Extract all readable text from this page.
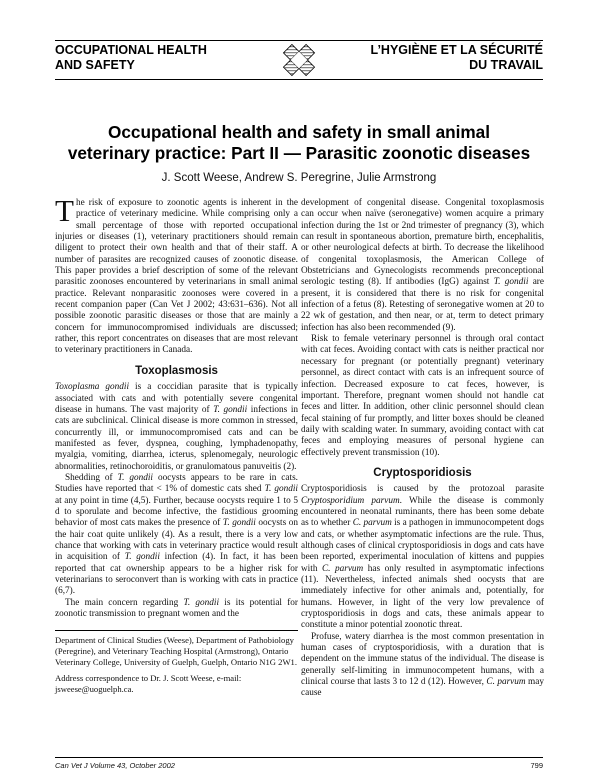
OCCUPATIONAL HEALTH
AND SAFETY
L’HYGIÈNE ET LA SÉCURITÉ
DU TRAVAIL
Occupational health and safety in small animal
veterinary practice: Part II — Parasitic zoonotic diseases
J. Scott Weese, Andrew S. Peregrine, Julie Armstrong

The risk of exposure to zoonotic agents is inherent in the practice of veterinary medicine. While comprising only a small percentage of those with reported occupational injuries or diseases (1), veterinary practitioners should remain diligent to protect their own health and that of their staff. A number of parasites are recognized causes of zoonotic disease. This paper provides a brief description of some of the relevant parasitic zoonoses encountered by veterinarians in small animal practice. Relevant nonparasitic zoonoses were covered in a recent companion paper (Can Vet J 2002; 43:631–636). Not all possible zoonotic parasitic diseases or those that are mainly a concern for immunocompromised individuals are discussed; rather, this report concentrates on diseases that are most relevant to veterinary practitioners in Canada.

Toxoplasmosis

Toxoplasma gondii is a coccidian parasite that is typically associated with cats and with potentially severe congenital disease in humans. The vast majority of T. gondii infections in cats are subclinical. Clinical disease is more common in stressed, concurrently ill, or immunocompromised cats and can be manifested as fever, dyspnea, coughing, lymphadenopathy, myalgia, vomiting, diarrhea, icterus, splenomegaly, neurologic abnormalities, retinochoroiditis, or granulomatous panuveitis (2).

Shedding of T. gondii oocysts appears to be rare in cats. Studies have reported that < 1% of domestic cats shed T. gondii at any point in time (4,5). Further, because oocysts require 1 to 5 d to sporulate and become infective, the fastidious grooming behavior of most cats makes the presence of T. gondii oocysts on the hair coat quite unlikely (4). As a result, there is a very low chance that working with cats in veterinary practice would result in acquisition of T. gondii infection (4). In fact, it has been reported that cat ownership appears to be a higher risk for veterinarians to seroconvert than is working with cats in practice (6,7).

The main concern regarding T. gondii is its potential for zoonotic transmission to pregnant women and the

Department of Clinical Studies (Weese), Department of Pathobiology (Peregrine), and Veterinary Teaching Hospital (Armstrong), Ontario Veterinary College, University of Guelph, Guelph, Ontario N1G 2W1.

Address correspondence to Dr. J. Scott Weese, e-mail: jsweese@uoguelph.ca.

development of congenital disease. Congenital toxoplasmosis can occur when naïve (seronegative) women acquire a primary infection during the 1st or 2nd trimester of pregnancy (3), which can result in spontaneous abortion, premature birth, encephalitis, or other neurological defects at birth. To decrease the likelihood of congenital toxoplasmosis, the American College of Obstetricians and Gynecologists recommends preconceptional serologic testing (8). If antibodies (IgG) against T. gondii are present, it is considered that there is no risk for congenital infection of a fetus (8). Retesting of seronegative women at 20 to 22 wk of gestation, and then near, or at, term to detect primary infection has also been recommended (9).

Risk to female veterinary personnel is through oral contact with cat feces. Avoiding contact with cats is neither practical nor necessary for pregnant (or potentially pregnant) veterinary personnel, as direct contact with cats is an infrequent source of infection. Decreased exposure to cat feces, however, is important. Therefore, pregnant women should not handle cat feces and litter. In addition, other clinic personnel should clean fecal staining of fur promptly, and litter boxes should be cleaned daily with scalding water. In summary, avoiding contact with cat feces and employing measures of personal hygiene can effectively prevent transmission (10).

Cryptosporidiosis

Cryptosporidiosis is caused by the protozoal parasite Cryptosporidium parvum. While the disease is commonly encountered in neonatal ruminants, there has been some debate as to whether C. parvum is a pathogen in immunocompetent dogs and cats, or whether asymptomatic infections are the rule. Thus, although cases of clinical cryptosporidiosis in dogs and cats have been reported, experimental inoculation of kittens and puppies with C. parvum has only resulted in asymptomatic infections (11). Nevertheless, infected animals shed oocysts that are immediately infective for other animals and, potentially, for humans. However, in light of the very low prevalence of cryptosporidiosis in dogs and cats, these animals appear to constitute a minor potential zoonotic threat.

Profuse, watery diarrhea is the most common presentation in human cases of cryptosporidiosis, with a duration that is dependent on the immune status of the individual. The disease is generally self-limiting in immunocompetent humans, with a clinical course that lasts 3 to 12 d (12). However, C. parvum may cause

Can Vet J Volume 43, October 2002	799
